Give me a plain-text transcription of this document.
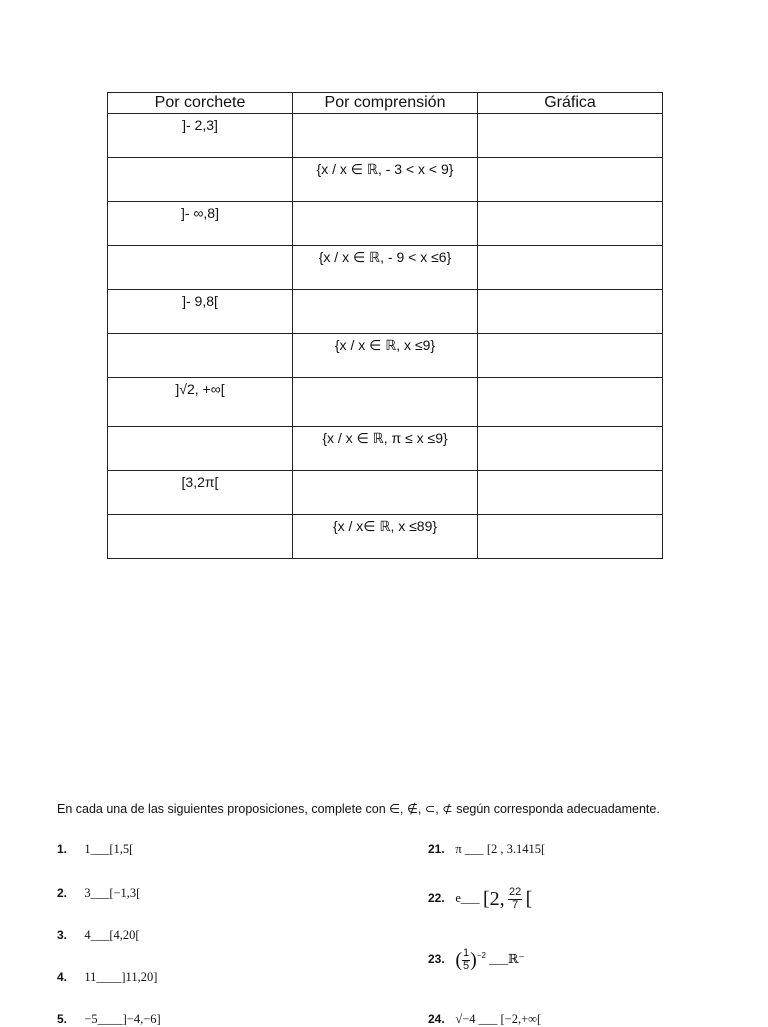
Por corchete	Por comprensión	Gráfica
]- 2,3]		
	{x / x ∈ ℝ, - 3 < x < 9}	
]- ∞,8]		
	{x / x ∈ ℝ, - 9 < x ≤6}	
]- 9,8[		
	{x / x ∈ ℝ, x ≤9}	
]√2, +∞[		
	{x / x ∈ ℝ, π ≤ x ≤9}	
[3,2π[		
	{x / x∈ ℝ, x ≤89}	
En cada una de las siguientes proposiciones, complete con ∈, ∉, ⊂, ⊄ según corresponda adecuadamente.
1. 1___[1,5[
2. 3___[−1,3[
3. 4___[4,20[
4. 11____]11,20]
5. −5____]−4,−6]
21. π ___ [2 , 3.1415[
22. e___ [2, $\frac{22}{7}$ [
23. ( $\frac{1}{5} )^{-2}$ ___ℝ⁻
24. √−4 ___ [−2,+∞[
